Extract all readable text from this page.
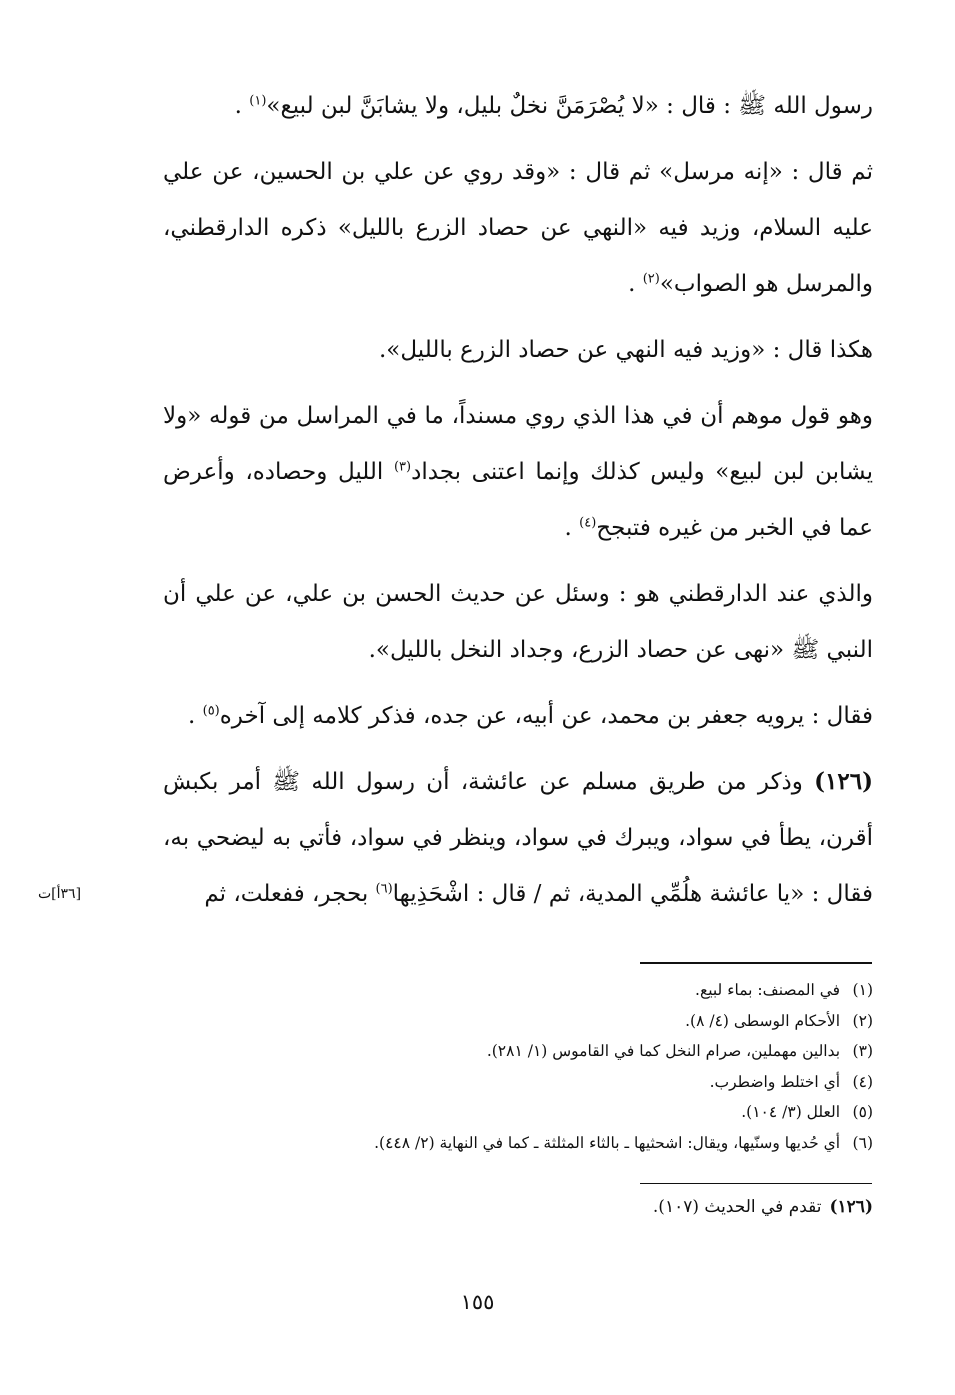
رسول الله ﷺ : قال : «لا يُصْرَمَنَّ نخلٌ بليل، ولا يشابَنَّ لبن لبيع»$^{(١)}$ .

ثم قال : «إنه مرسل» ثم قال : «وقد روي عن علي بن الحسين، عن علي عليه السلام، وزيد فيه «النهي عن حصاد الزرع بالليل» ذكره الدارقطني، والمرسل هو الصواب»$^{(٢)}$ .

هكذا قال : «وزيد فيه النهي عن حصاد الزرع بالليل».

وهو قول موهم أن في هذا الذي روي مسنداً، ما في المراسل من قوله «ولا يشابن لبن لبيع» وليس كذلك وإنما اعتنى بجداد$^{(٣)}$ الليل وحصاده، وأعرض عما في الخبر من غيره فتبجح$^{(٤)}$ .

والذي عند الدارقطني هو : وسئل عن حديث الحسن بن علي، عن علي أن النبي ﷺ «نهى عن حصاد الزرع، وجداد النخل بالليل».

فقال : يرويه جعفر بن محمد، عن أبيه، عن جده، فذكر كلامه إلى آخره$^{(٥)}$ .

(١٢٦) وذكر من طريق مسلم عن عائشة، أن رسول الله ﷺ أمر بكبش أقرن، يطأ في سواد، ويبرك في سواد، وينظر في سواد، فأتي به ليضحي به، فقال : «يا عائشة هلُمِّي المدية، ثم / قال : اشْحَذِيها$^{(٦)}$ بحجر، ففعلت، ثم

[٣٦أ]ت
(١) في المصنف: بماء لبيع.
(٢) الأحكام الوسطى (٤/ ٨).
(٣) بدالين مهملين، صرام النخل كما في القاموس (١/ ٢٨١).
(٤) أي اختلط واضطرب.
(٥) العلل (٣/ ١٠٤).
(٦) أي حُديها وسنّيها، ويقال: اشحثيها ـ بالثاء المثلثة ـ كما في النهاية (٢/ ٤٤٨).
(١٢٦)تقدم في الحديث (١٠٧).
١٥٥
